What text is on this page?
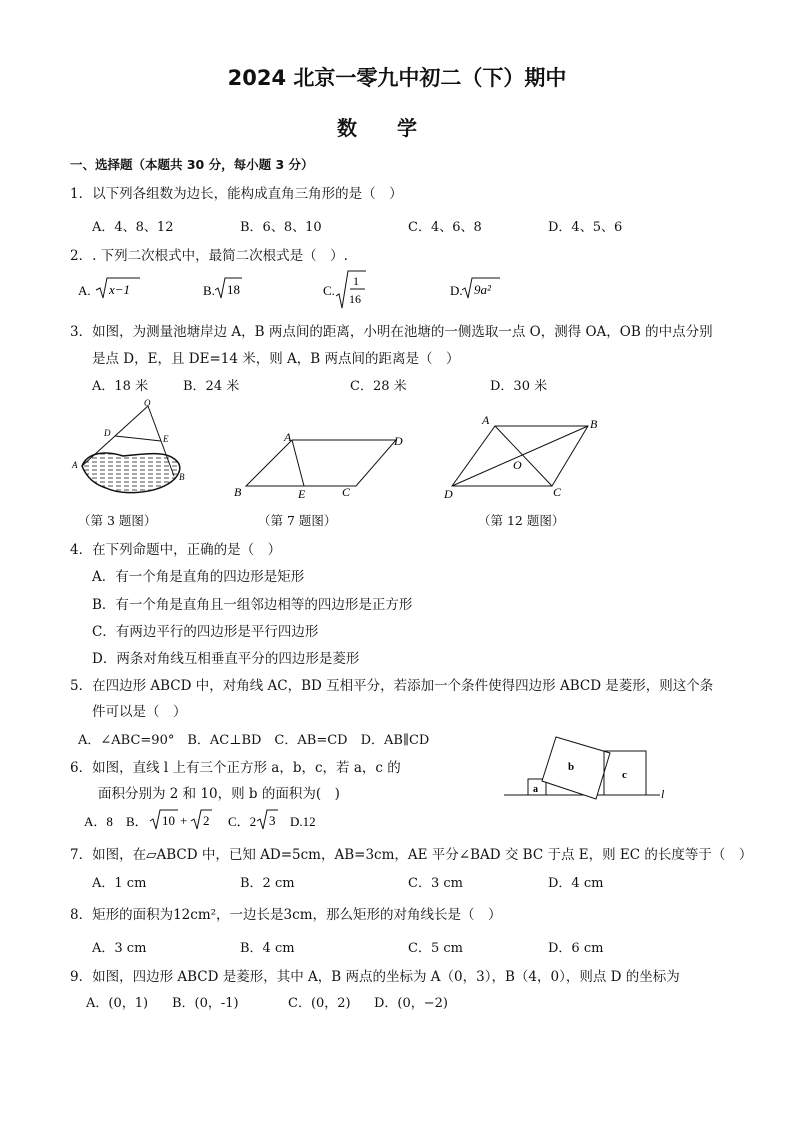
2024 北京一零九中初二（下）期中
数学
一、选择题（本题共 30 分，每小题 3 分）
1．以下列各组数为边长，能构成直角三角形的是（　）
A．4、8、12	B．6、8、10	C．4、6、8	D．4、5、6
2．. 下列二次根式中，最简二次根式是（　）.
A. x−1	B. 18	C.
1
16
D. 9a²
3．如图，为测量池塘岸边 A，B 两点间的距离，小明在池塘的一侧选取一点 O，测得 OA，OB 的中点分别
是点 D，E，且 DE=14 米，则 A，B 两点间的距离是（　）
A．18 米	B．24 米	C．28 米	D．30 米
O
D
E
A
B
（第 3 题图）
A	D
B	E	C
（第 7 题图）
A	B
O
D	C
（第 12 题图）
4．在下列命题中，正确的是（　）
A．有一个角是直角的四边形是矩形
B．有一个角是直角且一组邻边相等的四边形是正方形
C．有两边平行的四边形是平行四边形
D．两条对角线互相垂直平分的四边形是菱形
5．在四边形 ABCD 中，对角线 AC，BD 互相平分，若添加一个条件使得四边形 ABCD 是菱形，则这个条
件可以是（　）
A．∠ABC=90°　B．AC⊥BD　C．AB=CD　D．AB∥CD
6．如图，直线 l 上有三个正方形 a，b，c，若 a，c 的
面积分别为 2 和 10，则 b 的面积为(　)
A．8 B． 10 + 2 C．2 3 D.12
a
b
c
l
7．如图，在▱ABCD 中，已知 AD=5cm，AB=3cm，AE 平分∠BAD 交 BC 于点 E，则 EC 的长度等于（　）
A．1 cm	B．2 cm	C．3 cm	D．4 cm
8．矩形的面积为12cm²，一边长是3cm，那么矩形的对角线长是（　）
A．3 cm	B．4 cm	C．5 cm	D．6 cm
9．如图，四边形 ABCD 是菱形，其中 A，B 两点的坐标为 A（0，3），B（4，0），则点 D 的坐标为
A．(0，1) B．(0，-1)	C．(0，2) D．(0，−2)
